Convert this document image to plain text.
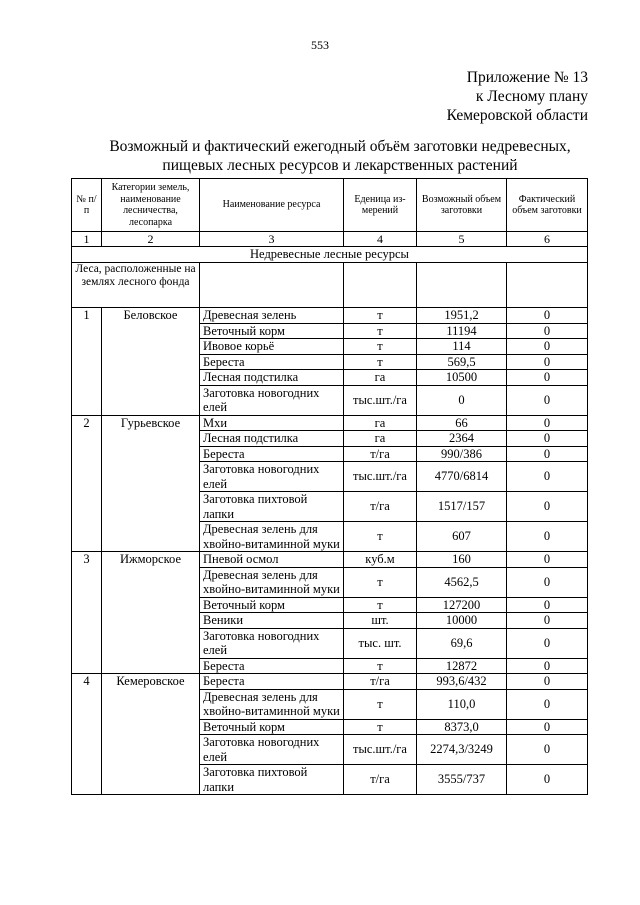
553
Приложение № 13
к Лесному плану
Кемеровской области
Возможный и фактический ежегодный объём заготовки недревесных,
пищевых лесных ресурсов и лекарственных растений
№ п/п	Категории земель, наименование лесничества, лесопарка	Наименование ресурса	Еденица из-мерений	Возможный объем заготовки	Фактический объем заготовки
1	2	3	4	5	6
Недревесные лесные ресурсы					
Леса, расположенные на землях лесного фонда					
1	Беловское	Древесная зелень	т	1951,2	0
		Веточный корм	т	11194	0
		Ивовое корьё	т	114	0
		Береста	т	569,5	0
		Лесная подстилка	га	10500	0
		Заготовка новогодних елей	тыс.шт./га	0	0
2	Гурьевское	Мхи	га	66	0
		Лесная подстилка	га	2364	0
		Береста	т/га	990/386	0
		Заготовка новогодних елей	тыс.шт./га	4770/6814	0
		Заготовка пихтовой лапки	т/га	1517/157	0
		Древесная зелень для хвойно-витаминной муки	т	607	0
3	Ижморское	Пневой осмол	куб.м	160	0
		Древесная зелень для хвойно-витаминной муки	т	4562,5	0
		Веточный корм	т	127200	0
		Веники	шт.	10000	0
		Заготовка новогодних елей	тыс. шт.	69,6	0
		Береста	т	12872	0
4	Кемеровское	Береста	т/га	993,6/432	0
		Древесная зелень для хвойно-витаминной муки	т	110,0	0
		Веточный корм	т	8373,0	0
		Заготовка новогодних елей	тыс.шт./га	2274,3/3249	0
		Заготовка пихтовой лапки	т/га	3555/737	0
